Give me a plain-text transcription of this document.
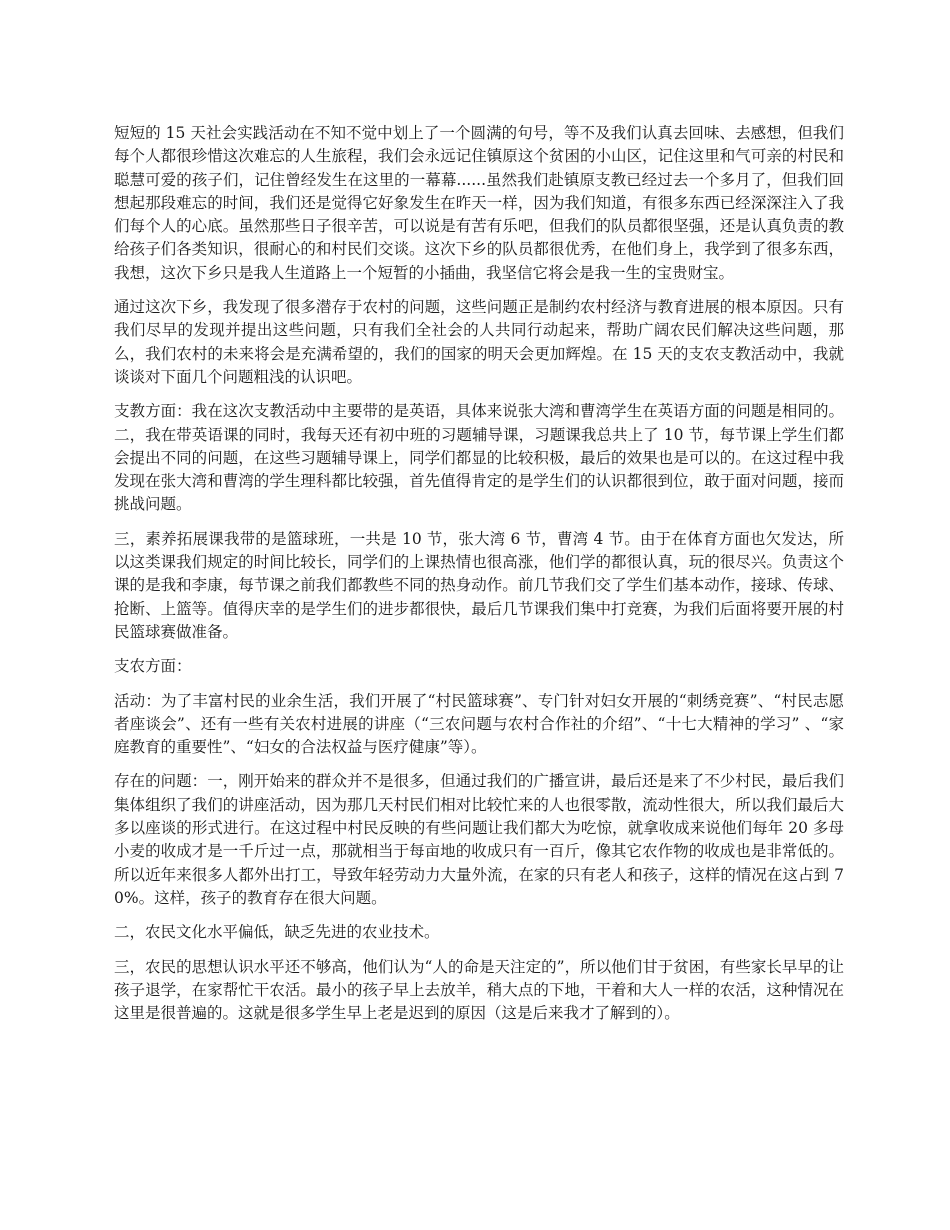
短短的 15 天社会实践活动在不知不觉中划上了一个圆满的句号，等不及我们认真去回味、去感想，但我们每个人都很珍惜这次难忘的人生旅程，我们会永远记住镇原这个贫困的小山区，记住这里和气可亲的村民和聪慧可爱的孩子们，记住曾经发生在这里的一幕幕......虽然我们赴镇原支教已经过去一个多月了，但我们回想起那段难忘的时间，我们还是觉得它好象发生在昨天一样，因为我们知道，有很多东西已经深深注入了我们每个人的心底。虽然那些日子很辛苦，可以说是有苦有乐吧，但我们的队员都很坚强，还是认真负责的教给孩子们各类知识，很耐心的和村民们交谈。这次下乡的队员都很优秀，在他们身上，我学到了很多东西，我想，这次下乡只是我人生道路上一个短暂的小插曲，我坚信它将会是我一生的宝贵财宝。

通过这次下乡，我发现了很多潜存于农村的问题，这些问题正是制约农村经济与教育进展的根本原因。只有我们尽早的发现并提出这些问题，只有我们全社会的人共同行动起来，帮助广阔农民们解决这些问题，那么，我们农村的未来将会是充满希望的，我们的国家的明天会更加辉煌。在 15 天的支农支教活动中，我就谈谈对下面几个问题粗浅的认识吧。

支教方面：我在这次支教活动中主要带的是英语，具体来说张大湾和曹湾学生在英语方面的问题是相同的。 二，我在带英语课的同时，我每天还有初中班的习题辅导课，习题课我总共上了 10 节，每节课上学生们都会提出不同的问题，在这些习题辅导课上，同学们都显的比较积极，最后的效果也是可以的。在这过程中我发现在张大湾和曹湾的学生理科都比较强，首先值得肯定的是学生们的认识都很到位，敢于面对问题，接而挑战问题。

三，素养拓展课我带的是篮球班，一共是 10 节，张大湾 6 节，曹湾 4 节。由于在体育方面也欠发达，所以这类课我们规定的时间比较长，同学们的上课热情也很高涨，他们学的都很认真，玩的很尽兴。负责这个课的是我和李康，每节课之前我们都教些不同的热身动作。前几节我们交了学生们基本动作，接球、传球、抢断、上篮等。值得庆幸的是学生们的进步都很快，最后几节课我们集中打竞赛，为我们后面将要开展的村民篮球赛做准备。

支农方面：

活动：为了丰富村民的业余生活，我们开展了“村民篮球赛”、专门针对妇女开展的“刺绣竞赛”、“村民志愿者座谈会”、还有一些有关农村进展的讲座（“三农问题与农村合作社的介绍”、“十七大精神的学习” 、“家庭教育的重要性”、“妇女的合法权益与医疗健康”等）。

存在的问题：一，刚开始来的群众并不是很多，但通过我们的广播宣讲，最后还是来了不少村民，最后我们集体组织了我们的讲座活动，因为那几天村民们相对比较忙来的人也很零散，流动性很大，所以我们最后大多以座谈的形式进行。在这过程中村民反映的有些问题让我们都大为吃惊，就拿收成来说他们每年 20 多母小麦的收成才是一千斤过一点，那就相当于每亩地的收成只有一百斤，像其它农作物的收成也是非常低的。所以近年来很多人都外出打工，导致年轻劳动力大量外流，在家的只有老人和孩子，这样的情况在这占到 70%。这样，孩子的教育存在很大问题。

二，农民文化水平偏低，缺乏先进的农业技术。

三，农民的思想认识水平还不够高，他们认为“人的命是天注定的”，所以他们甘于贫困，有些家长早早的让孩子退学，在家帮忙干农活。最小的孩子早上去放羊，稍大点的下地，干着和大人一样的农活，这种情况在这里是很普遍的。这就是很多学生早上老是迟到的原因（这是后来我才了解到的）。
